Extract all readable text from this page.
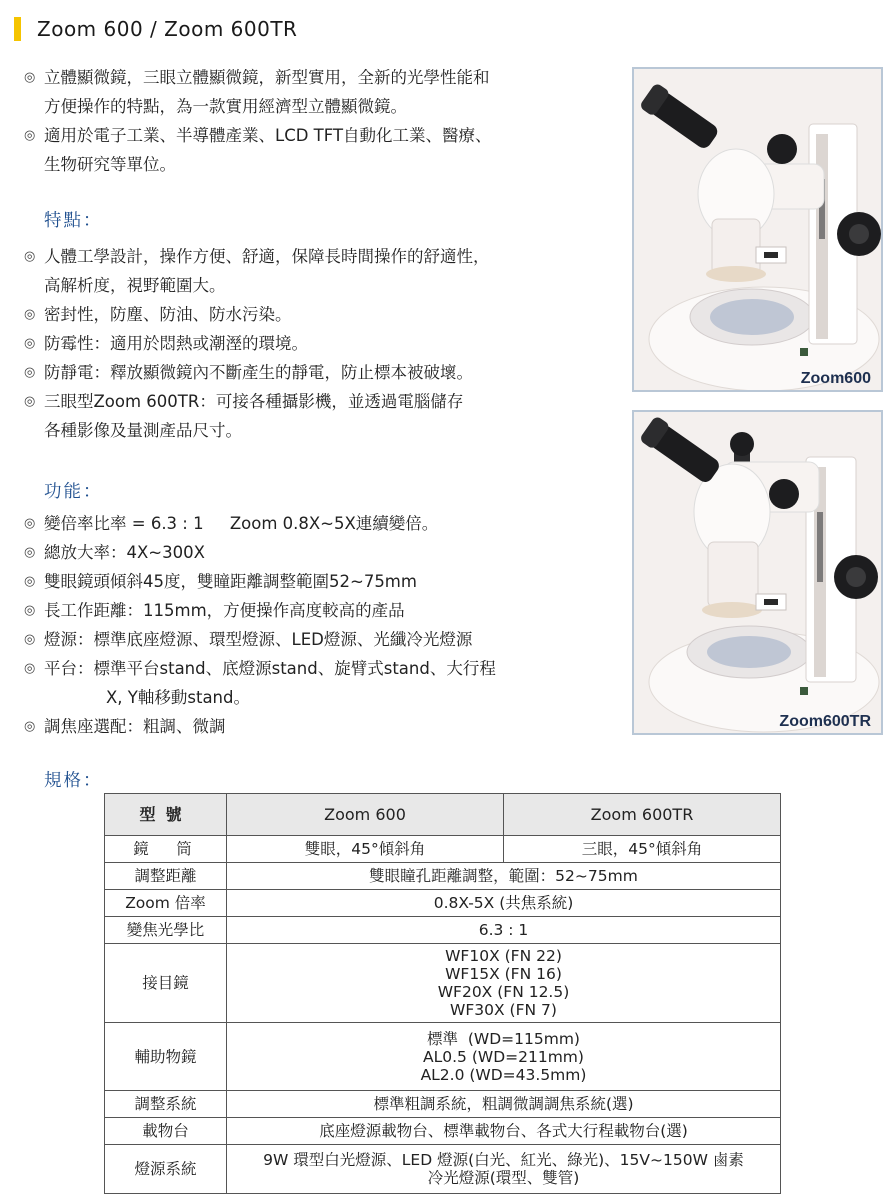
Zoom 600 / Zoom 600TR
◎ 立體顯微鏡，三眼立體顯微鏡，新型實用，全新的光學性能和
方便操作的特點，為一款實用經濟型立體顯微鏡。
◎ 適用於電子工業、半導體產業、LCD TFT自動化工業、醫療、
生物研究等單位。
特點：
◎ 人體工學設計，操作方便、舒適，保障長時間操作的舒適性，
高解析度，視野範圍大。
◎ 密封性，防塵、防油、防水污染。
◎ 防霉性：適用於悶熱或潮溼的環境。
◎ 防靜電：釋放顯微鏡內不斷產生的靜電，防止標本被破壞。
◎ 三眼型Zoom 600TR：可接各種攝影機，並透過電腦儲存
各種影像及量測產品尺寸。
功能：
◎ 變倍率比率 = 6.3 : 1     Zoom 0.8X~5X連續變倍。
◎ 總放大率：4X~300X
◎ 雙眼鏡頭傾斜45度，雙瞳距離調整範圍52~75mm
◎ 長工作距離：115mm，方便操作高度較高的產品
◎ 燈源：標準底座燈源、環型燈源、LED燈源、光纖冷光燈源
◎ 平台：標準平台stand、底燈源stand、旋臂式stand、大行程
X, Y軸移動stand。
◎ 調焦座選配：粗調、微調
Zoom600
Zoom600TR
規格：
型號	Zoom 600	Zoom 600TR
鏡　筒	雙眼，45°傾斜角	三眼，45°傾斜角
調整距離	雙眼瞳孔距離調整，範圍：52~75mm	

Zoom 倍率	0.8X-5X (共焦系統)	

變焦光學比	6.3 : 1	

接目鏡	WF10X (FN 22)
WF15X (FN 16)
WF20X (FN 12.5)
WF30X (FN 7)	

輔助物鏡	標準  (WD=115mm)
AL0.5 (WD=211mm)
AL2.0 (WD=43.5mm)	

調整系統	標準粗調系統，粗調微調調焦系統(選)	

載物台	底座燈源載物台、標準載物台、各式大行程載物台(選)	

燈源系統	9W 環型白光燈源、LED 燈源(白光、紅光、綠光)、15V~150W 鹵素
冷光燈源(環型、雙管)	
